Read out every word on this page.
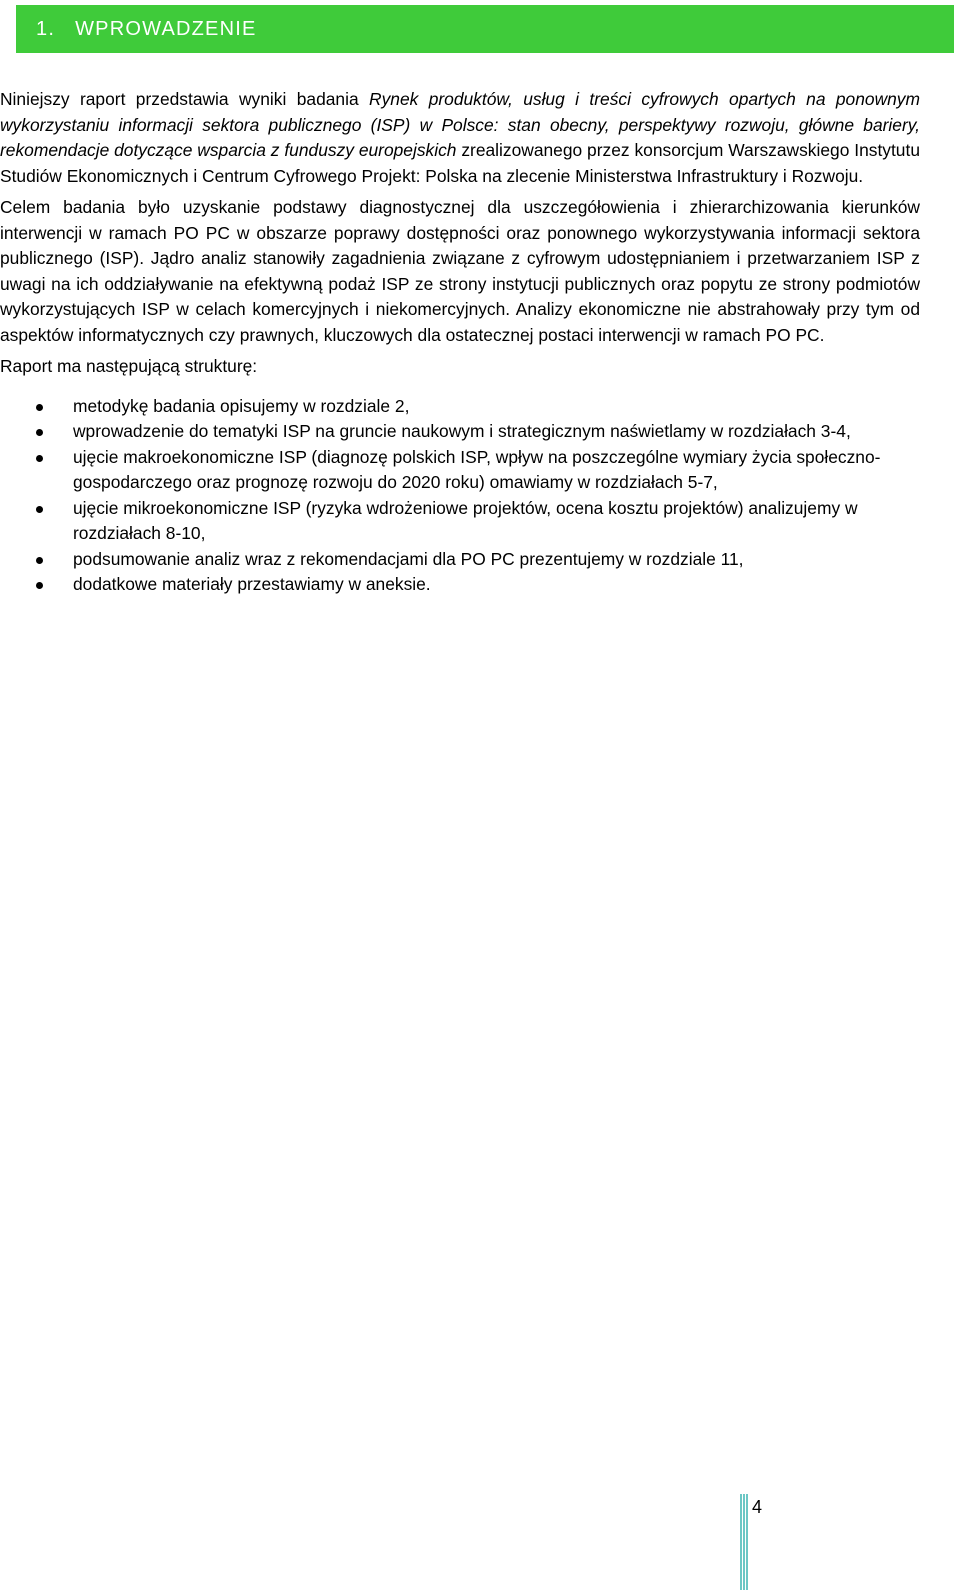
1. WPROWADZENIE

Niniejszy raport przedstawia wyniki badania Rynek produktów, usług i treści cyfrowych opartych na ponownym wykorzystaniu informacji sektora publicznego (ISP) w Polsce: stan obecny, perspektywy rozwoju, główne bariery, rekomendacje dotyczące wsparcia z funduszy europejskich zrealizowanego przez konsorcjum Warszawskiego Instytutu Studiów Ekonomicznych i Centrum Cyfrowego Projekt: Polska na zlecenie Ministerstwa Infrastruktury i Rozwoju.

Celem badania było uzyskanie podstawy diagnostycznej dla uszczegółowienia i zhierarchizowania kierunków interwencji w ramach PO PC w obszarze poprawy dostępności oraz ponownego wykorzystywania informacji sektora publicznego (ISP). Jądro analiz stanowiły zagadnienia związane z cyfrowym udostępnianiem i przetwarzaniem ISP z uwagi na ich oddziaływanie na efektywną podaż ISP ze strony instytucji publicznych oraz popytu ze strony podmiotów wykorzystujących ISP w celach komercyjnych i niekomercyjnych. Analizy ekonomiczne nie abstrahowały przy tym od aspektów informatycznych czy prawnych, kluczowych dla ostatecznej postaci interwencji w ramach PO PC.

Raport ma następującą strukturę:

metodykę badania opisujemy w rozdziale 2,
wprowadzenie do tematyki ISP na gruncie naukowym i strategicznym naświetlamy w rozdziałach 3-4,
ujęcie makroekonomiczne ISP (diagnozę polskich ISP, wpływ na poszczególne wymiary życia społeczno-gospodarczego oraz prognozę rozwoju do 2020 roku) omawiamy w rozdziałach 5-7,
ujęcie mikroekonomiczne ISP (ryzyka wdrożeniowe projektów, ocena kosztu projektów) analizujemy w rozdziałach 8-10,
podsumowanie analiz wraz z rekomendacjami dla PO PC prezentujemy w rozdziale 11,
dodatkowe materiały przestawiamy w aneksie.
4
